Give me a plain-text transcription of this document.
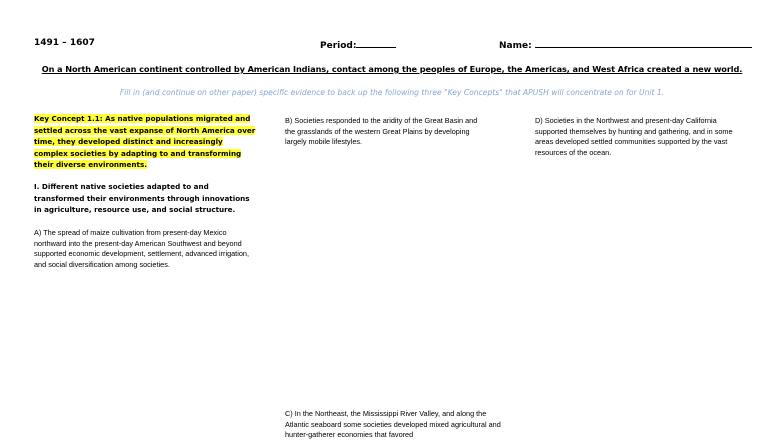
1491 – 1607	Period:	Name:
On a North American continent controlled by American Indians, contact among the peoples of Europe, the Americas, and West Africa created a new world.
Fill in (and continue on other paper) specific evidence to back up the following three "Key Concepts" that APUSH will concentrate on for Unit 1.
Key Concept 1.1: As native populations migrated and settled across the vast expanse of North America over time, they developed distinct and increasingly complex societies by adapting to and transforming their diverse environments.
I. Different native societies adapted to and transformed their environments through innovations in agriculture, resource use, and social structure.
A) The spread of maize cultivation from present-day Mexico northward into the present-day American Southwest and beyond supported economic development, settlement, advanced irrigation, and social diversification among societies.
B) Societies responded to the aridity of the Great Basin and the grasslands of the western Great Plains by developing largely mobile lifestyles.
C) In the Northeast, the Mississippi River Valley, and along the Atlantic seaboard some societies developed mixed agricultural and hunter-gatherer economies that favored
D) Societies in the Northwest and present-day California supported themselves by hunting and gathering, and in some areas developed settled communities supported by the vast resources of the ocean.
